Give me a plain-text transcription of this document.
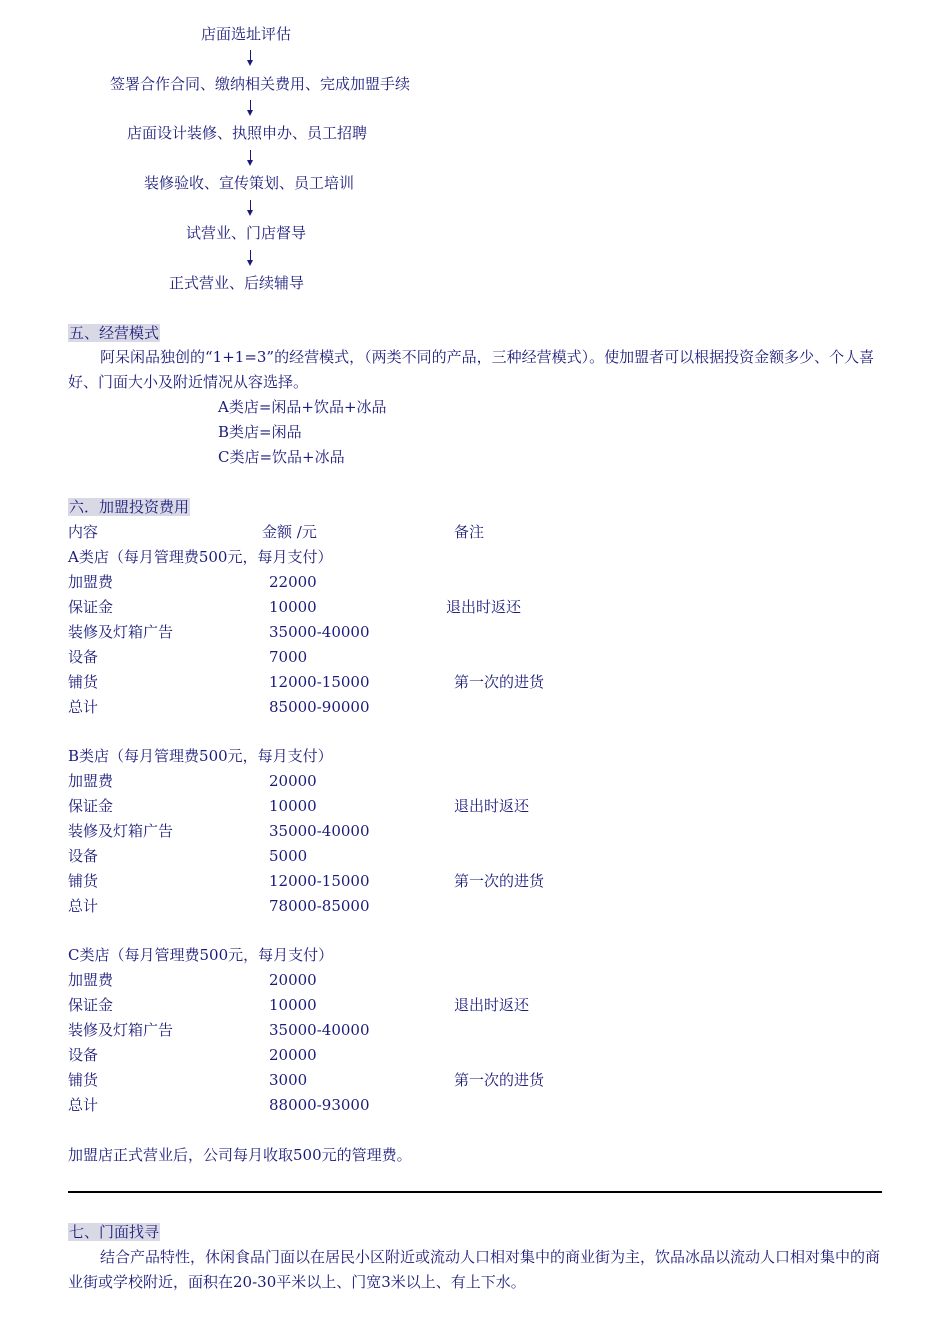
店面选址评估
签署合作合同、缴纳相关费用、完成加盟手续
店面设计装修、执照申办、员工招聘
装修验收、宣传策划、员工培训
试营业、门店督导
正式营业、后续辅导
五、经营模式
阿呆闲品独创的“1+1=3”的经营模式，（两类不同的产品，三种经营模式）。使加盟者可以根据投资金额多少、个人喜好、门面大小及附近情况从容选择。
A类店=闲品+饮品+冰品
B类店=闲品
C类店=饮品+冰品
六．加盟投资费用
内容	金额 /元	备注
A类店（每月管理费500元，每月支付）
加盟费	22000
保证金	10000	退出时返还
装修及灯箱广告	35000-40000
设备	7000
铺货	12000-15000	第一次的进货
总计	85000-90000
B类店（每月管理费500元，每月支付）
加盟费	20000
保证金	10000	退出时返还
装修及灯箱广告	35000-40000
设备	5000
铺货	12000-15000	第一次的进货
总计	78000-85000
C类店（每月管理费500元，每月支付）
加盟费	20000
保证金	10000	退出时返还
装修及灯箱广告	35000-40000
设备	20000
铺货	3000	第一次的进货
总计	88000-93000
加盟店正式营业后，公司每月收取500元的管理费。
七、门面找寻
结合产品特性，休闲食品门面以在居民小区附近或流动人口相对集中的商业街为主，饮品冰品以流动人口相对集中的商业街或学校附近，面积在20-30平米以上、门宽3米以上、有上下水。
